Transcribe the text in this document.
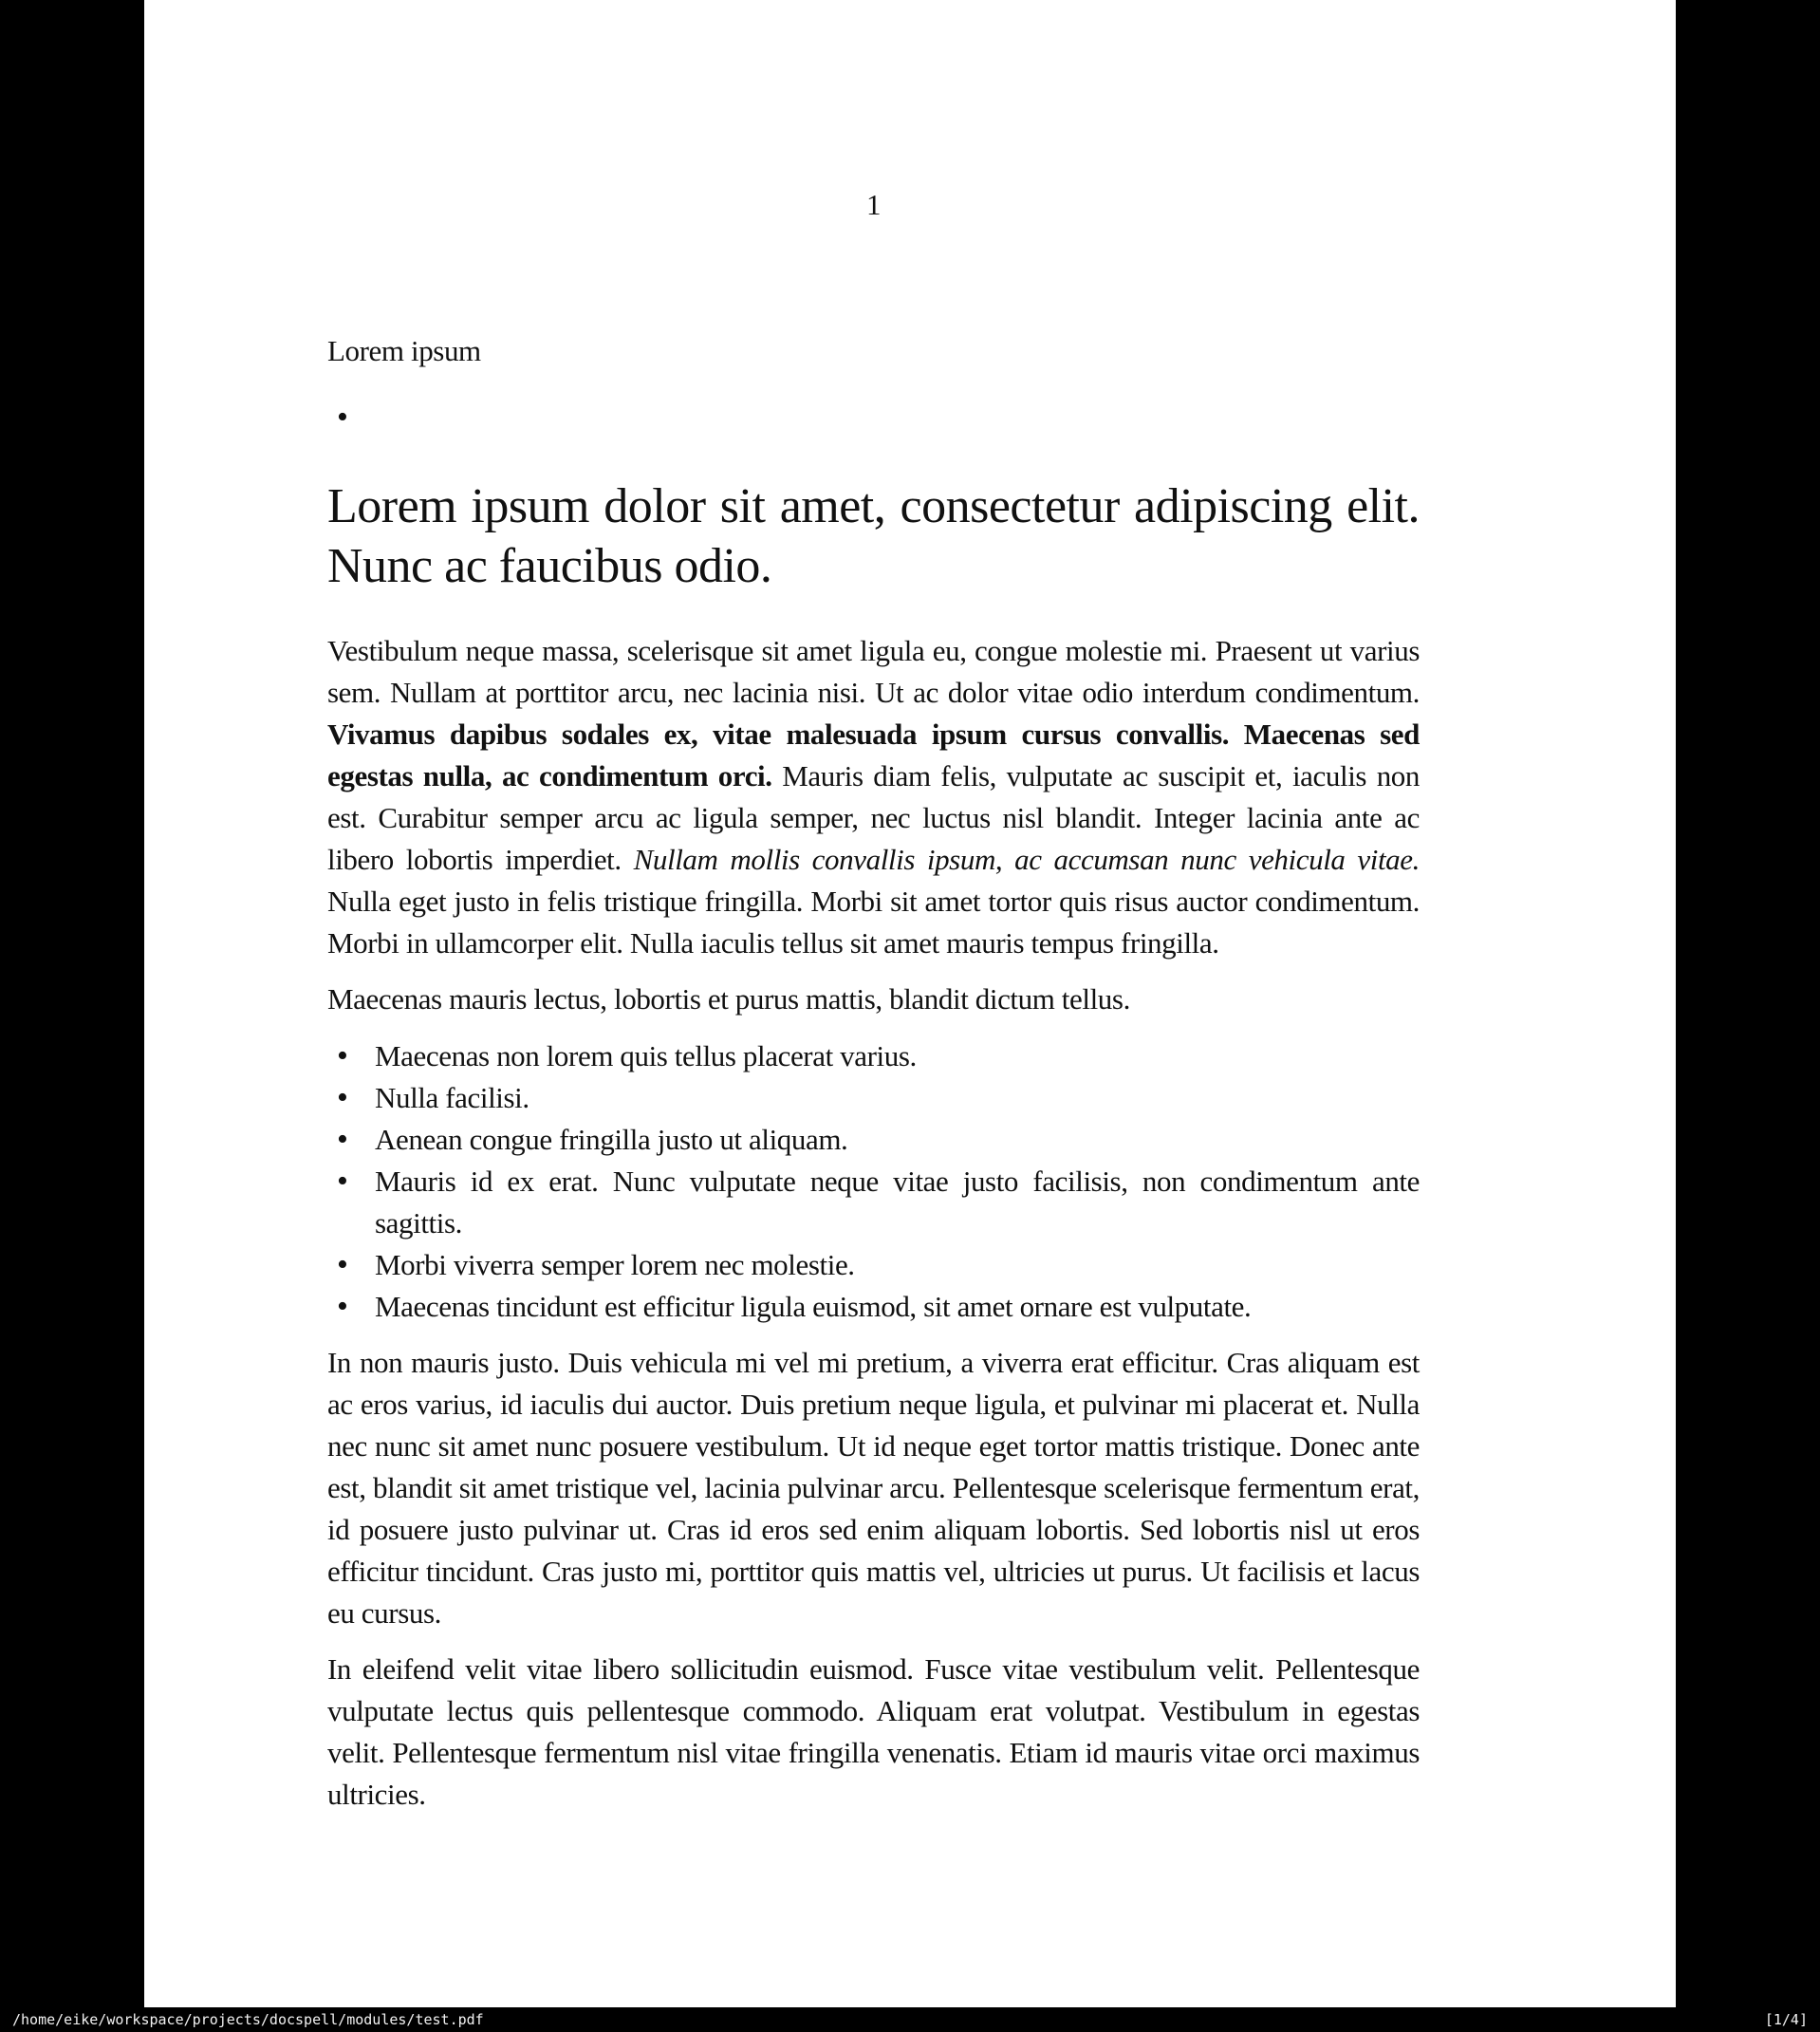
1

Lorem ipsum

•
Lorem ipsum dolor sit amet, consectetur adipiscing elit. Nunc ac faucibus odio.

Vestibulum neque massa, scelerisque sit amet ligula eu, congue molestie mi. Praesent ut varius sem. Nullam at porttitor arcu, nec lacinia nisi. Ut ac dolor vitae odio interdum condimentum. Vivamus dapibus sodales ex, vitae malesuada ipsum cursus convallis. Maecenas sed egestas nulla, ac condimentum orci. Mauris diam felis, vulputate ac suscipit et, iaculis non est. Curabitur semper arcu ac ligula semper, nec luctus nisl blandit. Integer lacinia ante ac libero lobortis imperdiet. Nullam mollis convallis ipsum, ac accumsan nunc vehicula vitae. Nulla eget justo in felis tristique fringilla. Morbi sit amet tortor quis risus auctor condimentum. Morbi in ullamcorper elit. Nulla iaculis tellus sit amet mauris tempus fringilla.

Maecenas mauris lectus, lobortis et purus mattis, blandit dictum tellus.

• Maecenas non lorem quis tellus placerat varius.
• Nulla facilisi.
• Aenean congue fringilla justo ut aliquam.
• Mauris id ex erat. Nunc vulputate neque vitae justo facilisis, non condimentum ante sagittis.
• Morbi viverra semper lorem nec molestie.
• Maecenas tincidunt est efficitur ligula euismod, sit amet ornare est vulputate.

In non mauris justo. Duis vehicula mi vel mi pretium, a viverra erat efficitur. Cras aliquam est ac eros varius, id iaculis dui auctor. Duis pretium neque ligula, et pulvinar mi placerat et. Nulla nec nunc sit amet nunc posuere vestibulum. Ut id neque eget tortor mattis tristique. Donec ante est, blandit sit amet tristique vel, lacinia pulvinar arcu. Pellentesque scelerisque fermentum erat, id posuere justo pulvinar ut. Cras id eros sed enim aliquam lobortis. Sed lobortis nisl ut eros efficitur tincidunt. Cras justo mi, porttitor quis mattis vel, ultricies ut purus. Ut facilisis et lacus eu cursus.

In eleifend velit vitae libero sollicitudin euismod. Fusce vitae vestibulum velit. Pellentesque vulputate lectus quis pellentesque commodo. Aliquam erat volutpat. Vestibulum in egestas velit. Pellentesque fermentum nisl vitae fringilla venenatis. Etiam id mauris vitae orci maximus ultricies.

/home/eike/workspace/projects/docspell/modules/test.pdf	[1/4]
